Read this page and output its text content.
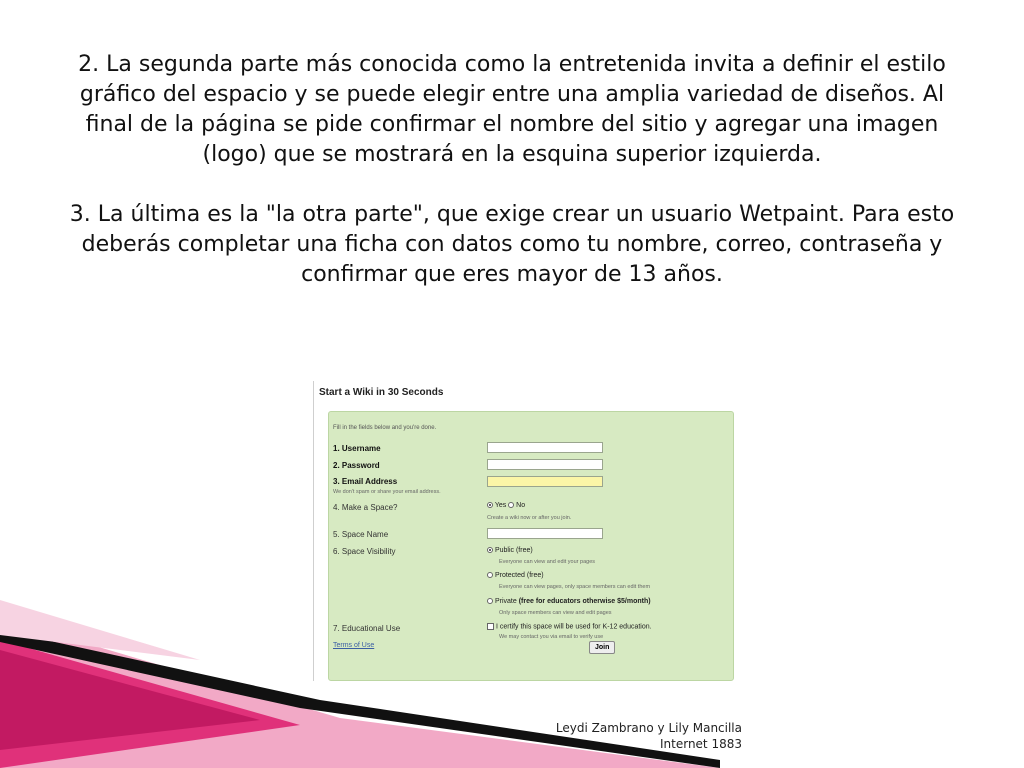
2. La segunda parte más conocida como la entretenida invita a definir el estilo gráfico del espacio y se puede elegir entre una amplia variedad de diseños. Al final de la página se pide confirmar el nombre del sitio y agregar una imagen (logo) que se mostrará en la esquina superior izquierda.

3. La última es la "la otra parte", que exige crear un usuario Wetpaint. Para esto deberás completar una ficha con datos como tu nombre, correo, contraseña y confirmar que eres mayor de 13 años.

Start a Wiki in 30 Seconds
Fill in the fields below and you're done.
1. Username
2. Password
3. Email Address
We don't spam or share your email address.
4. Make a Space?	Yes No
Create a wiki now or after you join.
5. Space Name
6. Space Visibility	Public (free)
Everyone can view and edit your pages
Protected (free)
Everyone can view pages, only space members can edit them
Private (free for educators otherwise $5/month)
Only space members can view and edit pages
7. Educational Use	I certify this space will be used for K-12 education.
We may contact you via email to verify use
Terms of Use	Join
Leydi Zambrano y Lily Mancilla
Internet 1883
